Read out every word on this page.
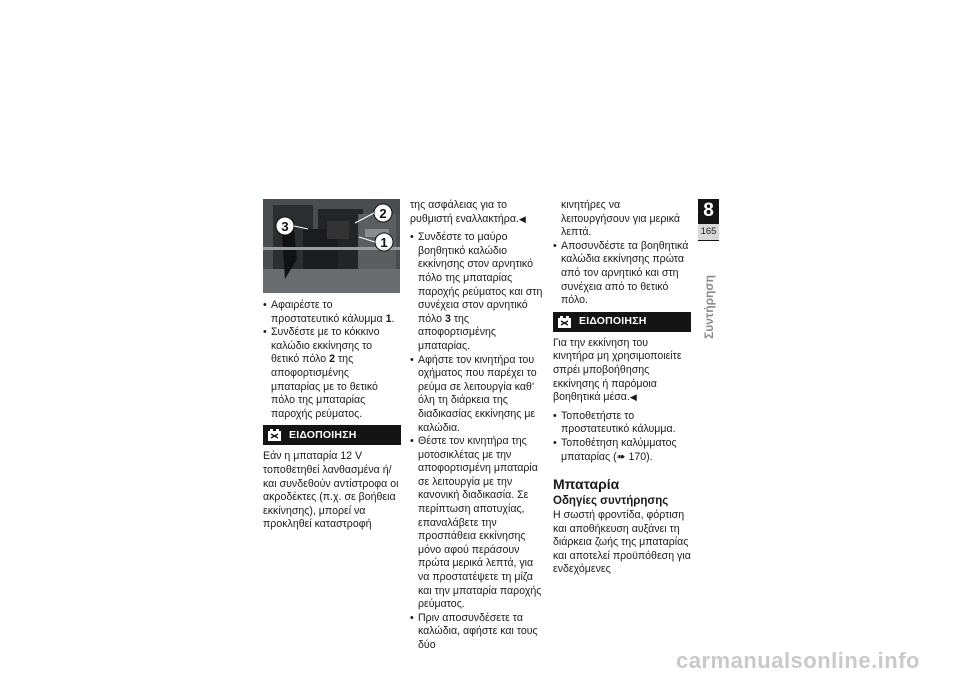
3
2
1
• Αφαιρέστε το προστατευτικό κάλυμμα 1.
• Συνδέστε με το κόκκινο καλώδιο εκκίνησης το θετικό πόλο 2 της αποφορτισμένης μπαταρίας με το θετικό πόλο της μπαταρίας παροχής ρεύματος.
ΕΙΔΟΠΟΙΗΣΗ

Εάν η μπαταρία 12 V τοποθετηθεί λανθασμένα ή/και συνδεθούν αντίστροφα οι ακροδέκτες (π.χ. σε βοήθεια εκκίνησης), μπορεί να προκληθεί καταστροφή

της ασφάλειας για το ρυθμιστή εναλλακτήρα.◀

• Συνδέστε το μαύρο βοηθητικό καλώδιο εκκίνησης στον αρνητικό πόλο της μπαταρίας παροχής ρεύματος και στη συνέχεια στον αρνητικό πόλο 3 της αποφορτισμένης μπαταρίας.
• Αφήστε τον κινητήρα του οχήματος που παρέχει το ρεύμα σε λειτουργία καθ' όλη τη διάρκεια της διαδικασίας εκκίνησης με καλώδια.
• Θέστε τον κινητήρα της μοτοσικλέτας με την αποφορτισμένη μπαταρία σε λειτουργία με την κανονική διαδικασία. Σε περίπτωση αποτυχίας, επαναλάβετε την προσπάθεια εκκίνησης μόνο αφού περάσουν πρώτα μερικά λεπτά, για να προστατέψετε τη μίζα και την μπαταρία παροχής ρεύματος.
• Πριν αποσυνδέσετε τα καλώδια, αφήστε και τους δύο

κινητήρες να λειτουργήσουν για μερικά λεπτά.

• Αποσυνδέστε τα βοηθητικά καλώδια εκκίνησης πρώτα από τον αρνητικό και στη συνέχεια από το θετικό πόλο.
ΕΙΔΟΠΟΙΗΣΗ

Για την εκκίνηση του κινητήρα μη χρησιμοποιείτε σπρέι μποβοήθησης εκκίνησης ή παρόμοια βοηθητικά μέσα.◀

• Τοποθετήστε το προστατευτικό κάλυμμα.
• Τοποθέτηση καλύμματος μπαταρίας (➠ 170).
Μπαταρία
Οδηγίες συντήρησης

Η σωστή φροντίδα, φόρτιση και αποθήκευση αυξάνει τη διάρκεια ζωής της μπαταρίας και αποτελεί προϋπόθεση για ενδεχόμενες

8
165
Συντήρηση
carmanualsonline.info
